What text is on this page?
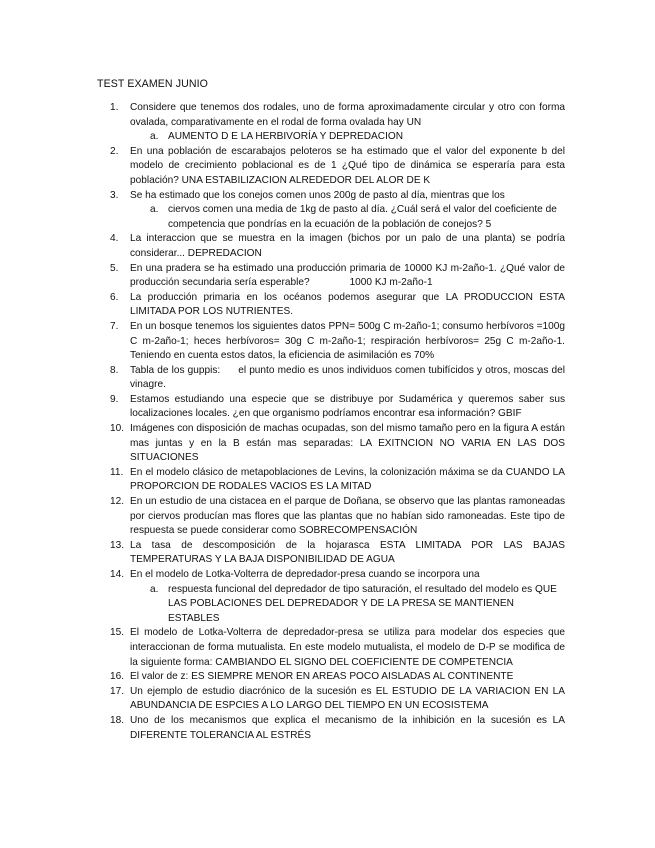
TEST EXAMEN JUNIO
1.	Considere que tenemos dos rodales, uno de forma aproximadamente circular y otro con forma ovalada, comparativamente en el rodal de forma ovalada hay UN
a. AUMENTO D E LA HERBIVORÍA Y DEPREDACION
2.	En una población de escarabajos peloteros se ha estimado que el valor del exponente b del modelo de crecimiento poblacional es de 1 ¿Qué tipo de dinámica se esperaría para esta población? UNA ESTABILIZACION ALREDEDOR DEL ALOR DE K
3.	Se ha estimado que los conejos comen unos 200g de pasto al día, mientras que los
a. ciervos comen una media de 1kg de pasto al día. ¿Cuál será el valor del coeficiente de competencia que pondrías en la ecuación de la población de conejos? 5
4.	La interaccion que se muestra en la imagen (bichos por un palo de una planta) se podría considerar... DEPREDACION
5.	En una pradera se ha estimado una producción primaria de 10000 KJ m-2año-1. ¿Qué valor de producción secundaria sería esperable?	1000 KJ m-2año-1
6.	La producción primaria en los océanos podemos asegurar que LA PRODUCCION ESTA LIMITADA POR LOS NUTRIENTES.
7.	En un bosque tenemos los siguientes datos PPN= 500g C m-2año-1; consumo herbívoros =100g C m-2año-1; heces herbívoros= 30g C m-2año-1; respiración herbívoros= 25g C m-2año-1. Teniendo en cuenta estos datos, la eficiencia de asimilación es 70%
8.	Tabla de los guppis: el punto medio es unos individuos comen tubifícidos y otros, moscas del vinagre.
9.	Estamos estudiando una especie que se distribuye por Sudamérica y queremos saber sus localizaciones locales. ¿en que organismo podríamos encontrar esa información? GBIF
10. Imágenes con disposición de machas ocupadas, son del mismo tamaño pero en la figura A están mas juntas y en la B están mas separadas: LA EXITNCION NO VARIA EN LAS DOS SITUACIONES
11. En el modelo clásico de metapoblaciones de Levins, la colonización máxima se da CUANDO LA PROPORCION DE RODALES VACIOS ES LA MITAD
12. En un estudio de una cistacea en el parque de Doñana, se observo que las plantas ramoneadas por ciervos producían mas flores que las plantas que no habían sido ramoneadas. Este tipo de respuesta se puede considerar como SOBRECOMPENSACIÓN
13. La tasa de descomposición de la hojarasca ESTA LIMITADA POR LAS BAJAS TEMPERATURAS Y LA BAJA DISPONIBILIDAD DE AGUA
14. En el modelo de Lotka-Volterra de depredador-presa cuando se incorpora una
a. respuesta funcional del depredador de tipo saturación, el resultado del modelo es QUE LAS POBLACIONES DEL DEPREDADOR Y DE LA PRESA SE MANTIENEN ESTABLES
15. El modelo de Lotka-Volterra de depredador-presa se utiliza para modelar dos especies que interaccionan de forma mutualista. En este modelo mutualista, el modelo de D-P se modifica de la siguiente forma: CAMBIANDO EL SIGNO DEL COEFICIENTE DE COMPETENCIA
16. El valor de z: ES SIEMPRE MENOR EN AREAS POCO AISLADAS AL CONTINENTE
17. Un ejemplo de estudio diacrónico de la sucesión es EL ESTUDIO DE LA VARIACION EN LA ABUNDANCIA DE ESPCIES A LO LARGO DEL TIEMPO EN UN ECOSISTEMA
18. Uno de los mecanismos que explica el mecanismo de la inhibición en la sucesión es LA DIFERENTE TOLERANCIA AL ESTRÉS
